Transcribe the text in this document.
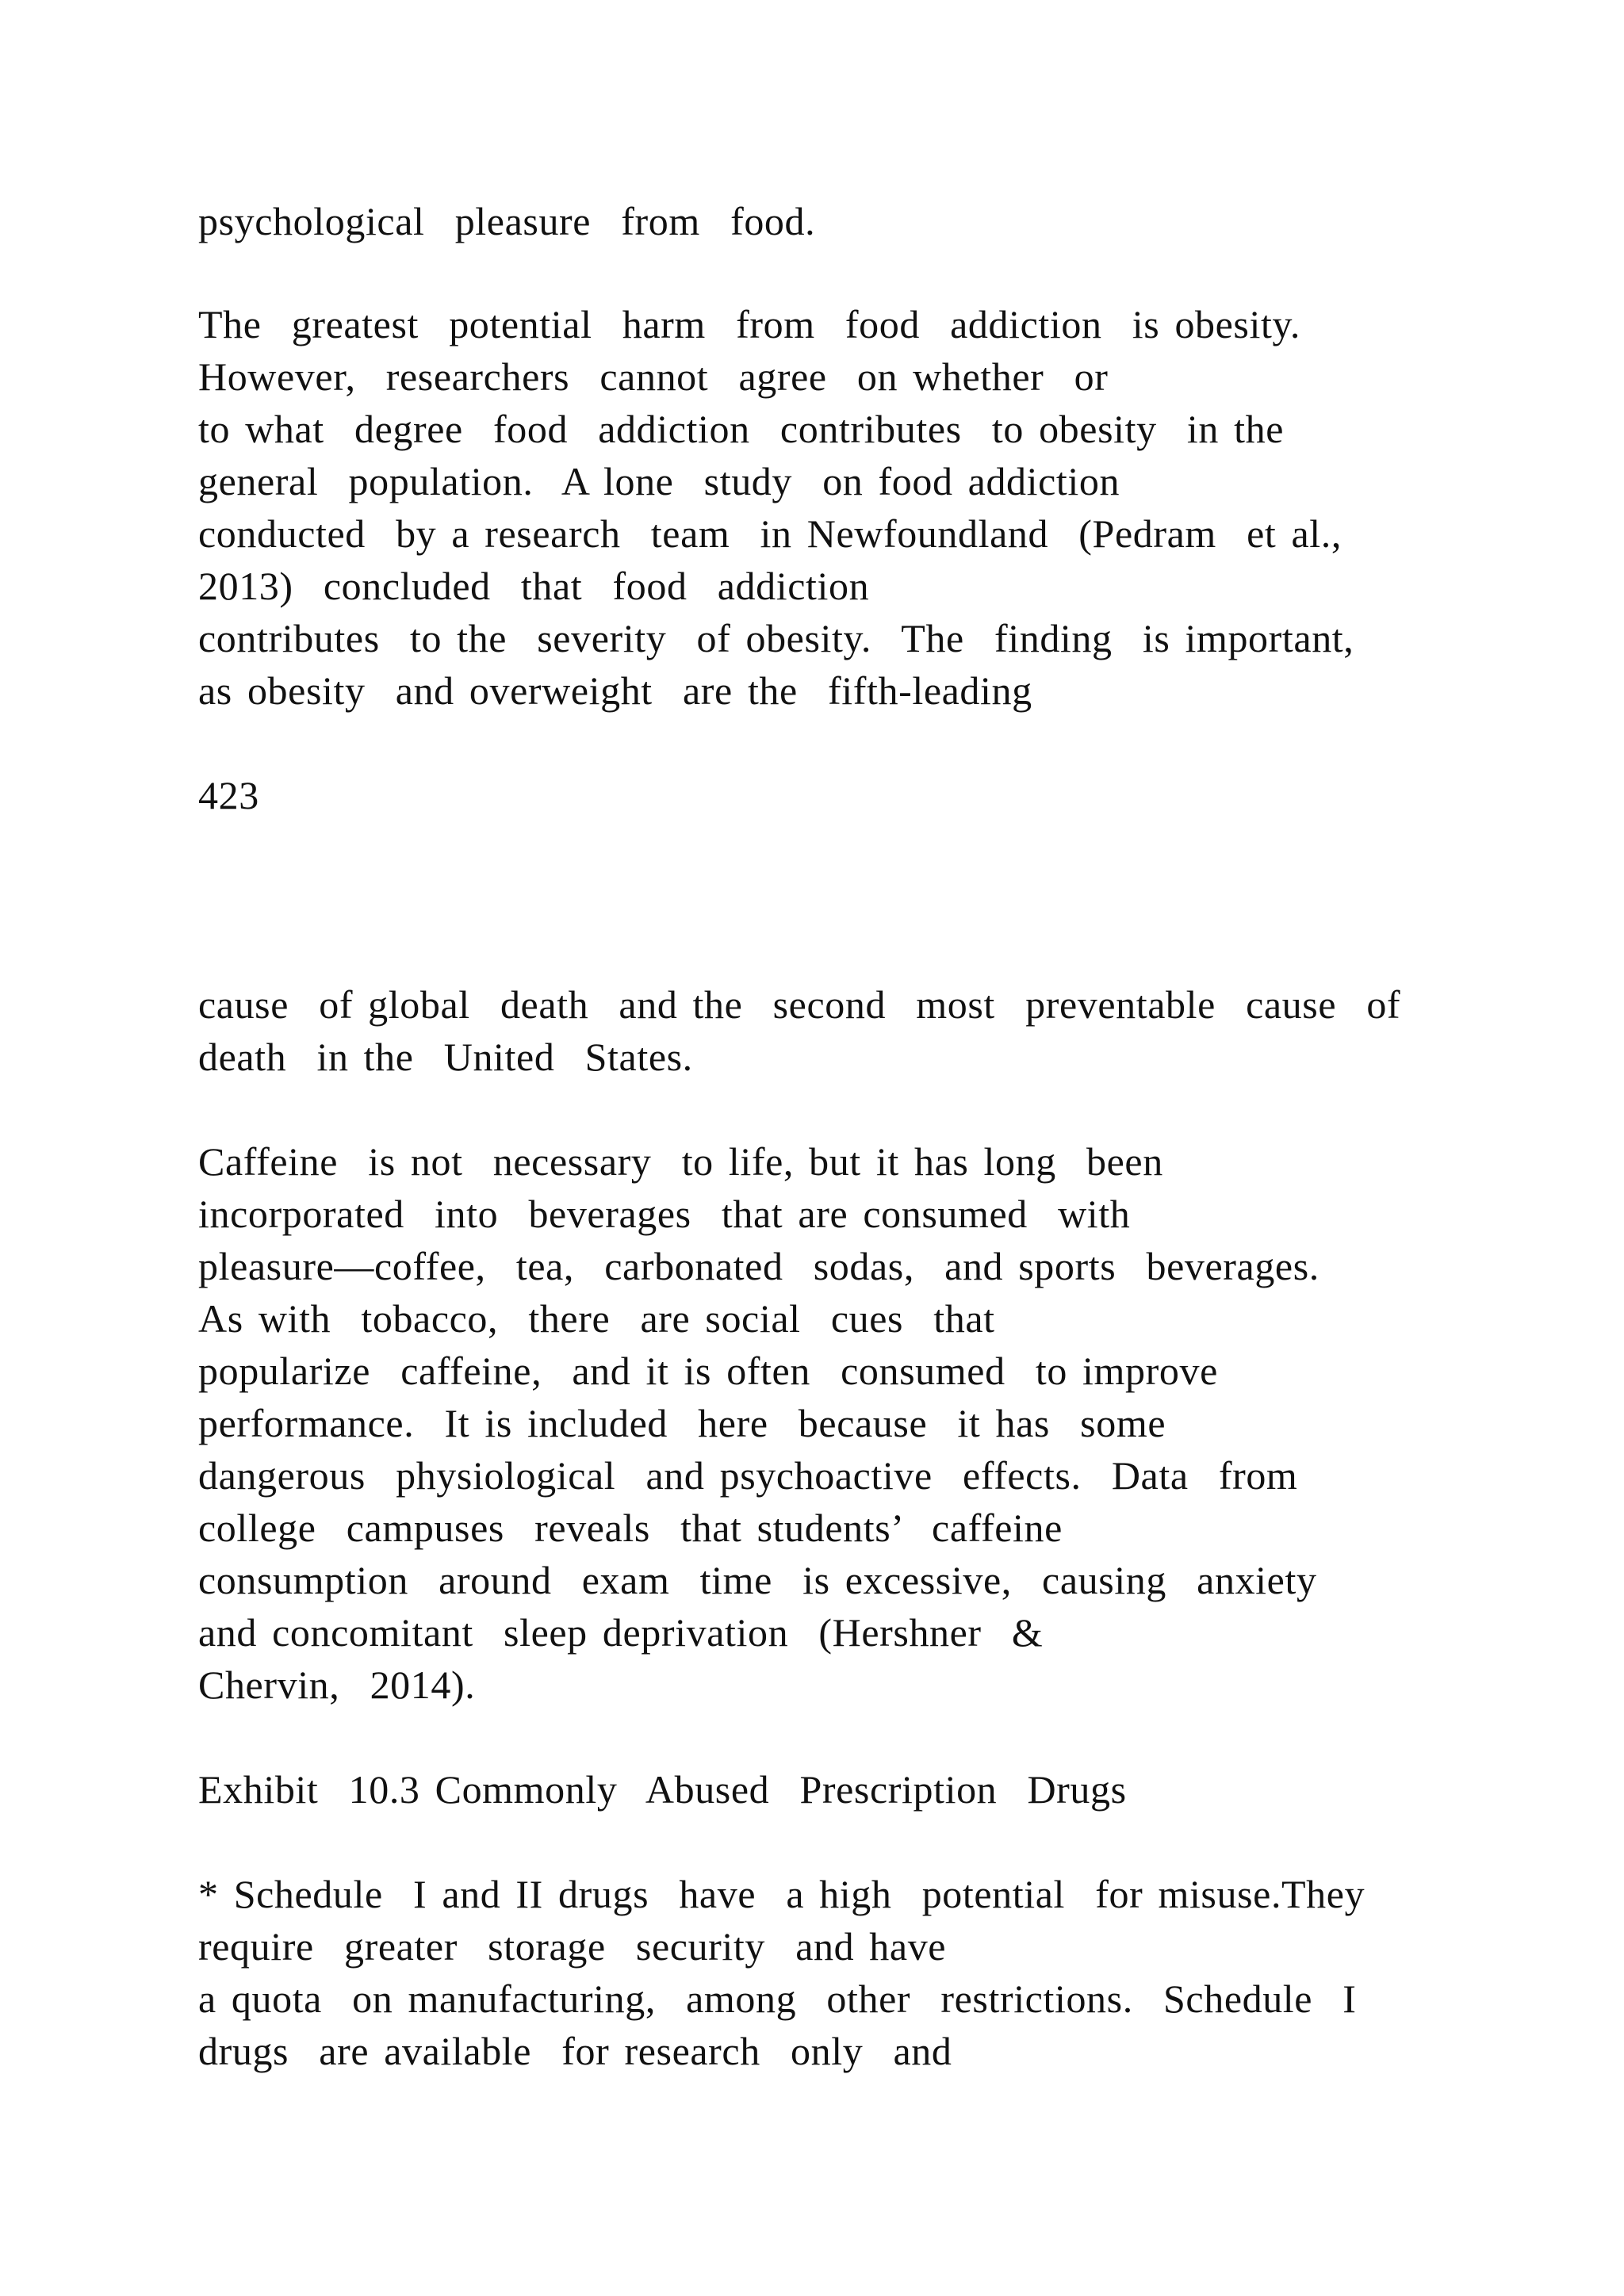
psychological  pleasure  from  food.
The  greatest  potential  harm  from  food  addiction  is obesity.
However,  researchers  cannot  agree  on whether  or
to what  degree  food  addiction  contributes  to obesity  in the
general  population.  A lone  study  on food addiction
conducted  by a research  team  in Newfoundland  (Pedram  et al.,
2013)  concluded  that  food  addiction
contributes  to the  severity  of obesity.  The  finding  is important,
as obesity  and overweight  are the  fifth-leading
423
cause  of global  death  and the  second  most  preventable  cause  of
death  in the  United  States.
Caffeine  is not  necessary  to life, but it has long  been
incorporated  into  beverages  that are consumed  with
pleasure—coffee,  tea,  carbonated  sodas,  and sports  beverages.
As with  tobacco,  there  are social  cues  that
popularize  caffeine,  and it is often  consumed  to improve
performance.  It is included  here  because  it has  some
dangerous  physiological  and psychoactive  effects.  Data  from
college  campuses  reveals  that students’  caffeine
consumption  around  exam  time  is excessive,  causing  anxiety
and concomitant  sleep deprivation  (Hershner  &
Chervin,  2014).
Exhibit  10.3 Commonly  Abused  Prescription  Drugs
* Schedule  I and II drugs  have  a high  potential  for misuse.They
require  greater  storage  security  and have
a quota  on manufacturing,  among  other  restrictions.  Schedule  I
drugs  are available  for research  only  and
